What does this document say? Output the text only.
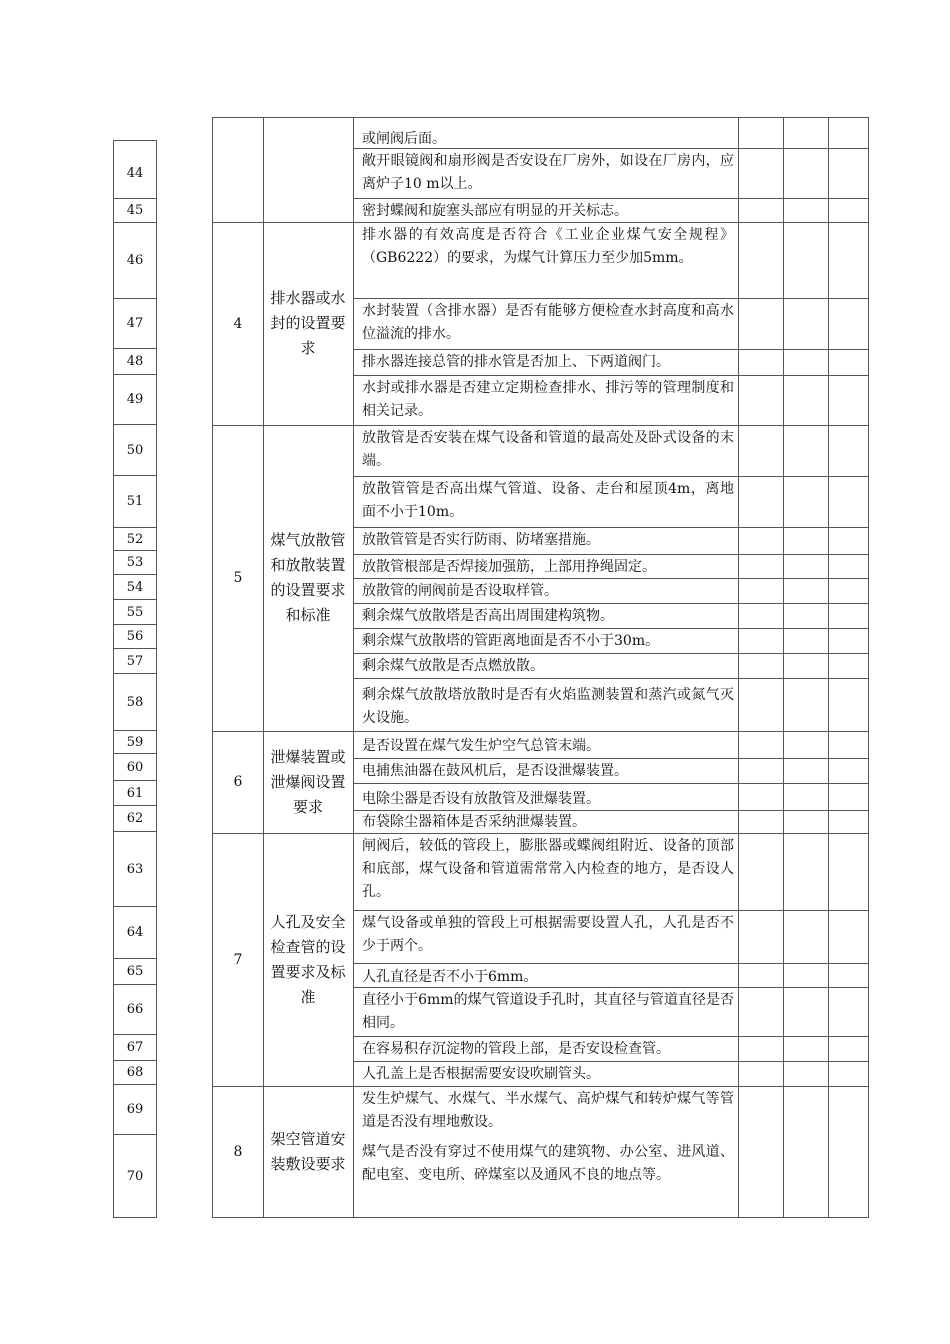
44
45
46
47
48
49
50
51
52
53
54
55
56
57
58
59
60
61
62
63
64
65
66
67
68
69
70
4
排水器或水封的设置要求
5
煤气放散管和放散装置的设置要求和标准
6
泄爆装置或泄爆阀设置要求
7
人孔及安全检查管的设置要求及标准
8
架空管道安装敷设要求
或闸阀后面。
敞开眼镜阀和扇形阀是否安设在厂房外，如设在厂房内，应离炉子10 m以上。
密封蝶阀和旋塞头部应有明显的开关标志。
排水器的有效高度是否符合《工业企业煤气安全规程》（GB6222）的要求，为煤气计算压力至少加5mm。
水封装置（含排水器）是否有能够方便检查水封高度和高水位溢流的排水。
排水器连接总管的排水管是否加上、下两道阀门。
水封或排水器是否建立定期检查排水、排污等的管理制度和相关记录。
放散管是否安装在煤气设备和管道的最高处及卧式设备的末端。
放散管管是否高出煤气管道、设备、走台和屋顶4m，离地面不小于10m。
放散管管是否实行防雨、防堵塞措施。
放散管根部是否焊接加强筋，上部用挣绳固定。
放散管的闸阀前是否设取样管。
剩余煤气放散塔是否高出周围建构筑物。
剩余煤气放散塔的管距离地面是否不小于30m。
剩余煤气放散是否点燃放散。
剩余煤气放散塔放散时是否有火焰监测装置和蒸汽或氮气灭火设施。
是否设置在煤气发生炉空气总管末端。
电捕焦油器在鼓风机后，是否设泄爆装置。
电除尘器是否设有放散管及泄爆装置。
布袋除尘器箱体是否采纳泄爆装置。
闸阀后，较低的管段上，膨胀器或蝶阀组附近、设备的顶部和底部，煤气设备和管道需常常入内检查的地方，是否设人孔。
煤气设备或单独的管段上可根据需要设置人孔，人孔是否不少于两个。
人孔直径是否不小于6mm。
直径小于6mm的煤气管道设手孔时，其直径与管道直径是否相同。
在容易积存沉淀物的管段上部，是否安设检查管。
人孔盖上是否根据需要安设吹刷管头。
发生炉煤气、水煤气、半水煤气、高炉煤气和转炉煤气等管道是否没有埋地敷设。
煤气是否没有穿过不使用煤气的建筑物、办公室、进风道、配电室、变电所、碎煤室以及通风不良的地点等。
